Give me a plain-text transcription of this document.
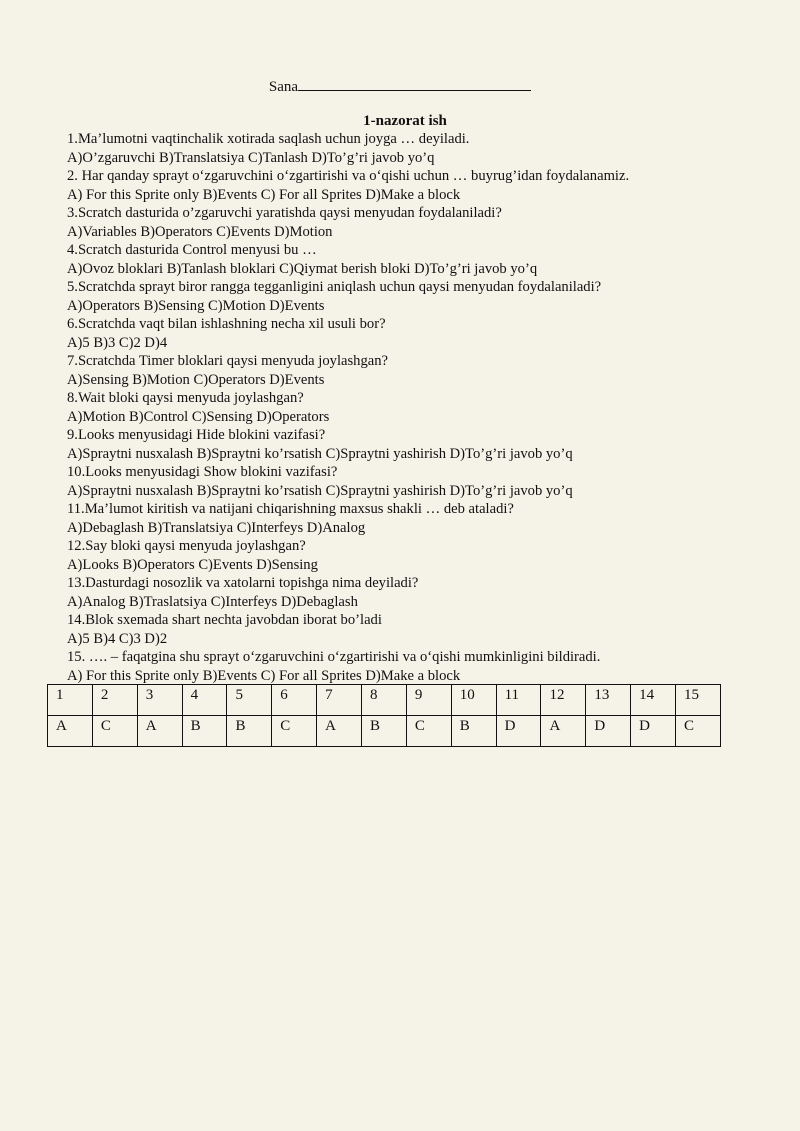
Sana
1-nazorat ish
1.Ma’lumotni vaqtinchalik xotirada saqlash uchun joyga … deyiladi.
A)O’zgaruvchi B)Translatsiya C)Tanlash D)To’g’ri javob yo’q
2. Har qanday sprayt o‘zgaruvchini o‘zgartirishi va o‘qishi uchun … buyrug’idan foydalanamiz.
A) For this Sprite only B)Events C) For all Sprites D)Make a block
3.Scratch dasturida o’zgaruvchi yaratishda qaysi menyudan foydalaniladi?
A)Variables B)Operators C)Events D)Motion
4.Scratch dasturida Control menyusi bu …
A)Ovoz bloklari B)Tanlash bloklari C)Qiymat berish bloki D)To’g’ri javob yo’q
5.Scratchda sprayt biror rangga tegganligini aniqlash uchun qaysi menyudan foydalaniladi?
A)Operators B)Sensing C)Motion D)Events
6.Scratchda vaqt bilan ishlashning necha xil usuli bor?
A)5 B)3 C)2 D)4
7.Scratchda Timer bloklari qaysi menyuda joylashgan?
A)Sensing B)Motion C)Operators D)Events
8.Wait bloki qaysi menyuda joylashgan?
A)Motion B)Control C)Sensing D)Operators
9.Looks menyusidagi Hide blokini vazifasi?
A)Spraytni nusxalash B)Spraytni ko’rsatish C)Spraytni yashirish D)To’g’ri javob yo’q
10.Looks menyusidagi Show blokini vazifasi?
A)Spraytni nusxalash B)Spraytni ko’rsatish C)Spraytni yashirish D)To’g’ri javob yo’q
11.Ma’lumot kiritish va natijani chiqarishning maxsus shakli … deb ataladi?
A)Debaglash B)Translatsiya C)Interfeys D)Analog
12.Say bloki qaysi menyuda joylashgan?
A)Looks B)Operators C)Events D)Sensing
13.Dasturdagi nosozlik va xatolarni topishga nima deyiladi?
A)Analog B)Traslatsiya C)Interfeys D)Debaglash
14.Blok sxemada shart nechta javobdan iborat bo’ladi
A)5 B)4 C)3 D)2
15. …. – faqatgina shu sprayt o‘zgaruvchini o‘zgartirishi va o‘qishi mumkinligini bildiradi.
A) For this Sprite only B)Events C) For all Sprites D)Make a block
1	2	3	4	5	6	7	8	9	10	11	12	13	14	15
A	C	A	B	B	C	A	B	C	B	D	A	D	D	C
